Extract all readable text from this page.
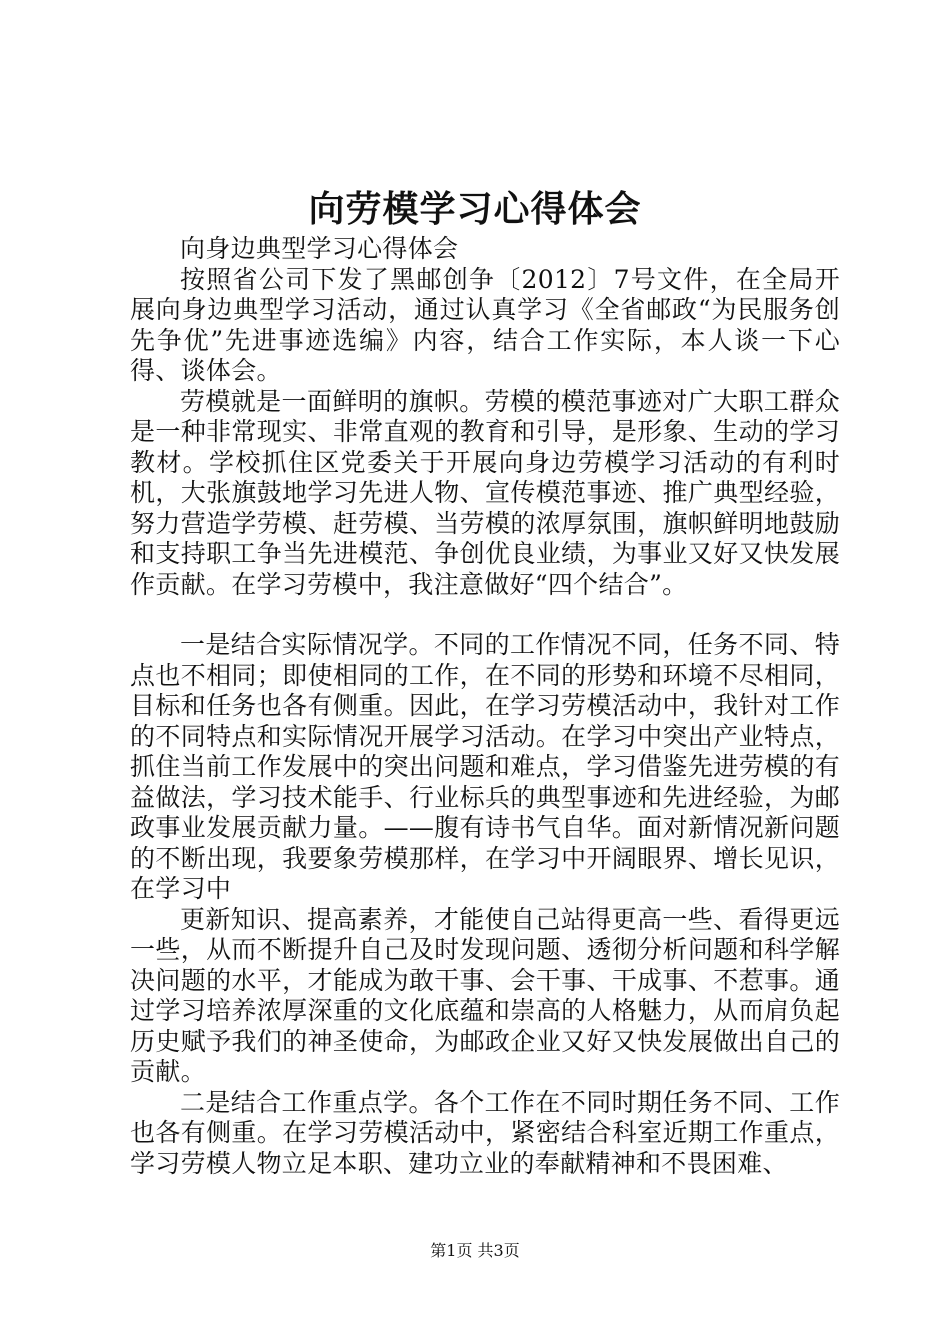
向劳模学习心得体会

向身边典型学习心得体会

按照省公司下发了黑邮创争〔2012〕7号文件，在全局开展向身边典型学习活动，通过认真学习《全省邮政“为民服务创先争优”先进事迹选编》内容，结合工作实际，本人谈一下心得、谈体会。

劳模就是一面鲜明的旗帜。劳模的模范事迹对广大职工群众是一种非常现实、非常直观的教育和引导，是形象、生动的学习教材。学校抓住区党委关于开展向身边劳模学习活动的有利时机，大张旗鼓地学习先进人物、宣传模范事迹、推广典型经验，努力营造学劳模、赶劳模、当劳模的浓厚氛围，旗帜鲜明地鼓励和支持职工争当先进模范、争创优良业绩，为事业又好又快发展作贡献。在学习劳模中，我注意做好“四个结合”。

一是结合实际情况学。不同的工作情况不同，任务不同、特点也不相同；即使相同的工作，在不同的形势和环境不尽相同，目标和任务也各有侧重。因此，在学习劳模活动中，我针对工作的不同特点和实际情况开展学习活动。在学习中突出产业特点，抓住当前工作发展中的突出问题和难点，学习借鉴先进劳模的有益做法，学习技术能手、行业标兵的典型事迹和先进经验，为邮政事业发展贡献力量。——腹有诗书气自华。面对新情况新问题的不断出现，我要象劳模那样，在学习中开阔眼界、增长见识，在学习中

更新知识、提高素养，才能使自己站得更高一些、看得更远一些，从而不断提升自己及时发现问题、透彻分析问题和科学解决问题的水平，才能成为敢干事、会干事、干成事、不惹事。通过学习培养浓厚深重的文化底蕴和崇高的人格魅力，从而肩负起历史赋予我们的神圣使命，为邮政企业又好又快发展做出自己的贡献。

二是结合工作重点学。各个工作在不同时期任务不同、工作也各有侧重。在学习劳模活动中，紧密结合科室近期工作重点，学习劳模人物立足本职、建功立业的奉献精神和不畏困难、

第1页 共3页
